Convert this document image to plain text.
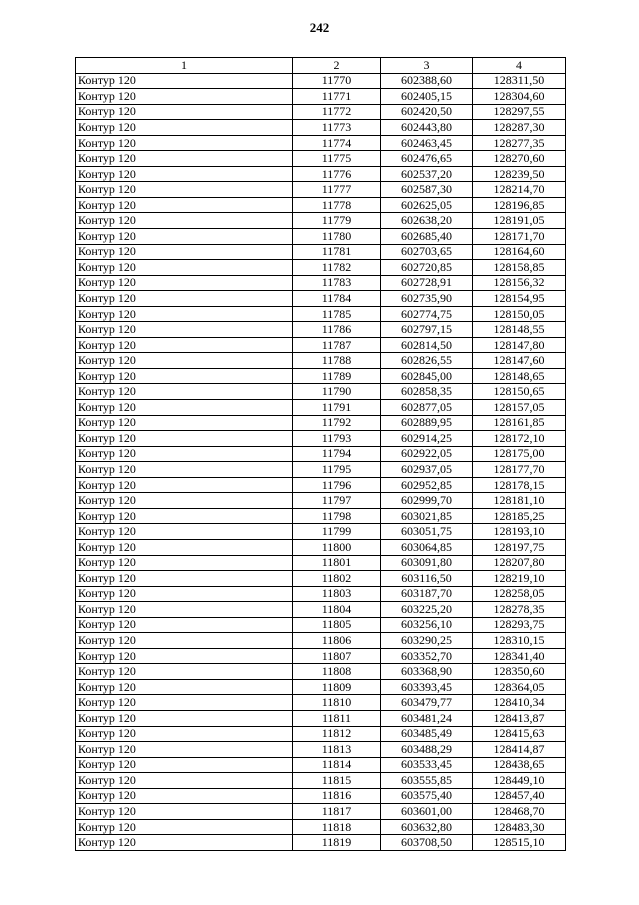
242
1	2	3	4
Контур 120	11770	602388,60	128311,50
Контур 120	11771	602405,15	128304,60
Контур 120	11772	602420,50	128297,55
Контур 120	11773	602443,80	128287,30
Контур 120	11774	602463,45	128277,35
Контур 120	11775	602476,65	128270,60
Контур 120	11776	602537,20	128239,50
Контур 120	11777	602587,30	128214,70
Контур 120	11778	602625,05	128196,85
Контур 120	11779	602638,20	128191,05
Контур 120	11780	602685,40	128171,70
Контур 120	11781	602703,65	128164,60
Контур 120	11782	602720,85	128158,85
Контур 120	11783	602728,91	128156,32
Контур 120	11784	602735,90	128154,95
Контур 120	11785	602774,75	128150,05
Контур 120	11786	602797,15	128148,55
Контур 120	11787	602814,50	128147,80
Контур 120	11788	602826,55	128147,60
Контур 120	11789	602845,00	128148,65
Контур 120	11790	602858,35	128150,65
Контур 120	11791	602877,05	128157,05
Контур 120	11792	602889,95	128161,85
Контур 120	11793	602914,25	128172,10
Контур 120	11794	602922,05	128175,00
Контур 120	11795	602937,05	128177,70
Контур 120	11796	602952,85	128178,15
Контур 120	11797	602999,70	128181,10
Контур 120	11798	603021,85	128185,25
Контур 120	11799	603051,75	128193,10
Контур 120	11800	603064,85	128197,75
Контур 120	11801	603091,80	128207,80
Контур 120	11802	603116,50	128219,10
Контур 120	11803	603187,70	128258,05
Контур 120	11804	603225,20	128278,35
Контур 120	11805	603256,10	128293,75
Контур 120	11806	603290,25	128310,15
Контур 120	11807	603352,70	128341,40
Контур 120	11808	603368,90	128350,60
Контур 120	11809	603393,45	128364,05
Контур 120	11810	603479,77	128410,34
Контур 120	11811	603481,24	128413,87
Контур 120	11812	603485,49	128415,63
Контур 120	11813	603488,29	128414,87
Контур 120	11814	603533,45	128438,65
Контур 120	11815	603555,85	128449,10
Контур 120	11816	603575,40	128457,40
Контур 120	11817	603601,00	128468,70
Контур 120	11818	603632,80	128483,30
Контур 120	11819	603708,50	128515,10
